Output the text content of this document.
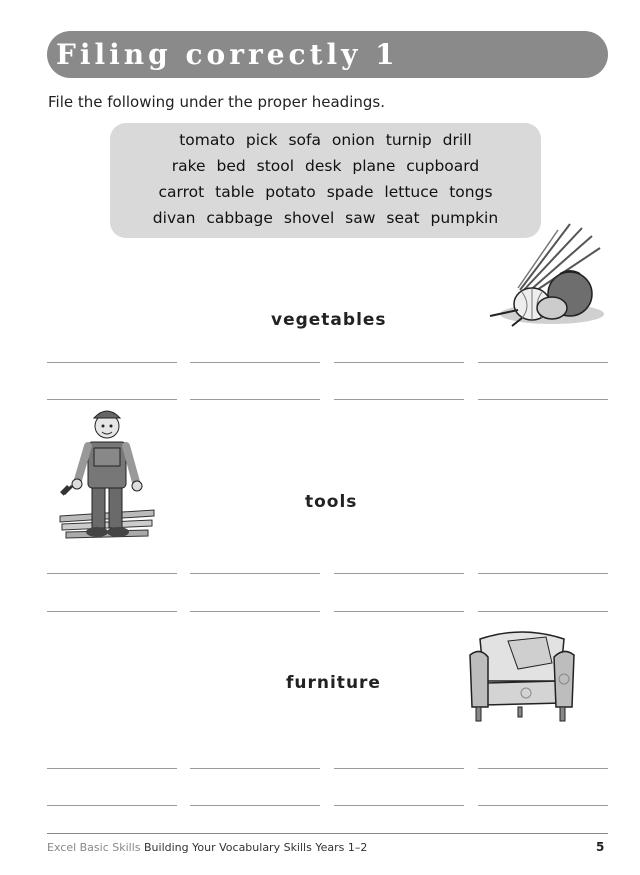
Filing correctly 1
File the following under the proper headings.
tomato pick sofa onion turnip drill
rake bed stool desk plane cupboard
carrot table potato spade lettuce tongs
divan cabbage shovel saw seat pumpkin
vegetables
tools
furniture
Excel Basic Skills Building Your Vocabulary Skills Years 1–2	5
